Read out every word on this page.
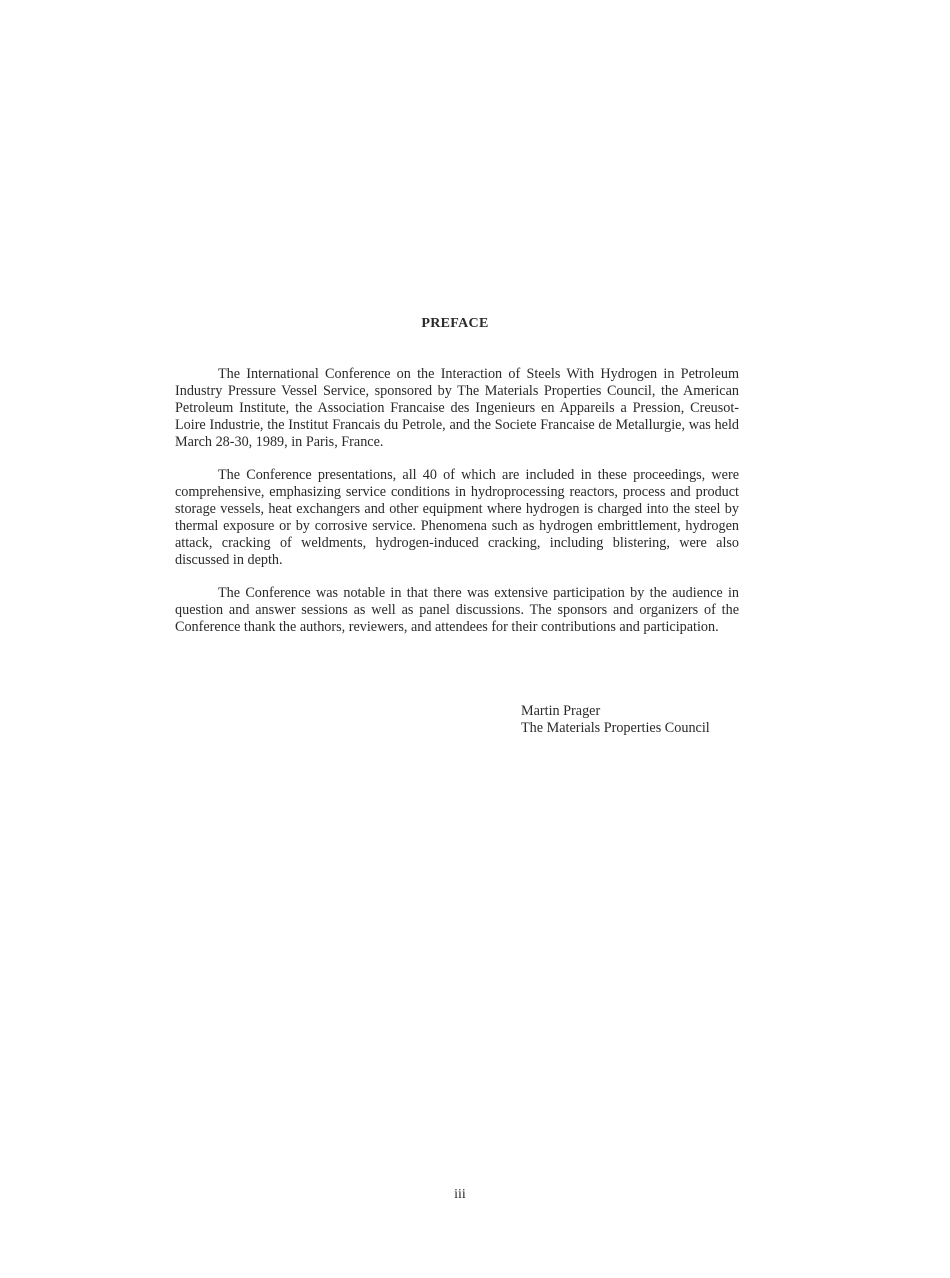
PREFACE

The International Conference on the Interaction of Steels With Hydrogen in Petroleum Industry Pressure Vessel Service, sponsored by The Materials Properties Council, the American Petroleum Institute, the Association Francaise des Ingenieurs en Appareils a Pression, Creusot-Loire Industrie, the Institut Francais du Petrole, and the Societe Francaise de Metallurgie, was held March 28-30, 1989, in Paris, France.

The Conference presentations, all 40 of which are included in these proceedings, were comprehensive, emphasizing service conditions in hydroprocessing reactors, process and product storage vessels, heat exchangers and other equipment where hydrogen is charged into the steel by thermal exposure or by corrosive service. Phenomena such as hydrogen embrittlement, hydrogen attack, cracking of weldments, hydrogen-induced cracking, including blistering, were also discussed in depth.

The Conference was notable in that there was extensive participation by the audience in question and answer sessions as well as panel discussions. The sponsors and organizers of the Conference thank the authors, reviewers, and attendees for their contributions and participation.

Martin Prager
The Materials Properties Council
iii
